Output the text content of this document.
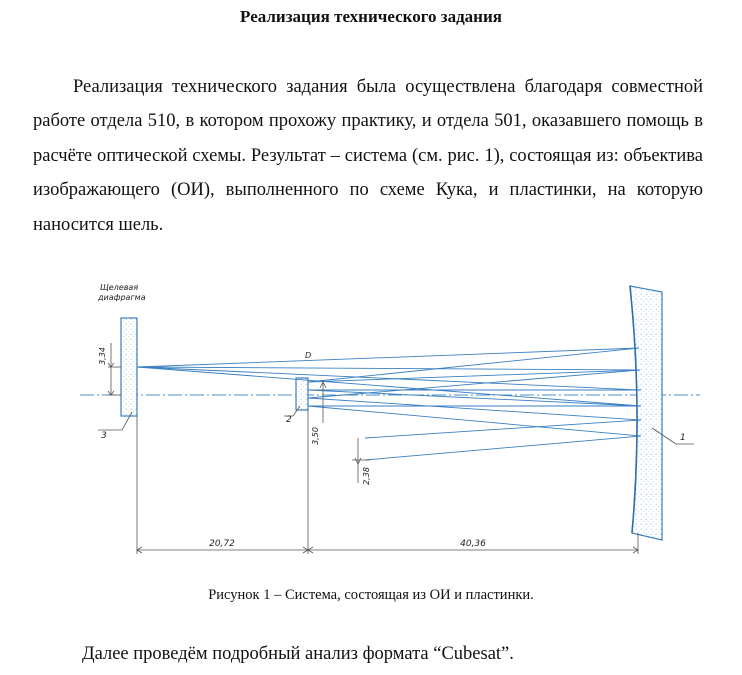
Реализация технического задания

Реализация технического задания была осуществлена благодаря совместной работе отдела 510, в котором прохожу практику, и отдела 501, оказавшего помощь в расчёте оптической схемы. Результат – система (см. рис. 1), состоящая из: объектива изображающего (ОИ), выполненного по схеме Кука, и пластинки, на которую наносится шель.

3,34
Щелевая
диафрагма
3
2
1
D
3,50
2,38
20,72	40,36
Рисунок 1 – Система, состоящая из ОИ и пластинки.
Далее проведём подробный анализ формата “Cubesat”.
